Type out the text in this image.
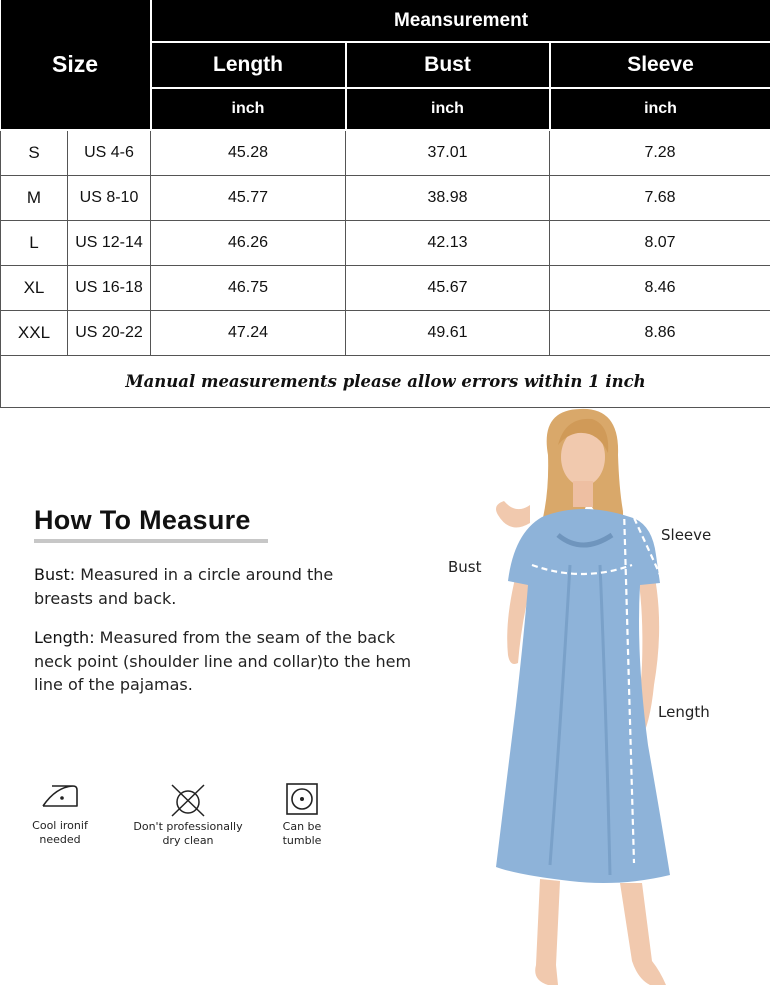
Size		Meansurement		
		Length	Bust	Sleeve
		inch	inch	inch
S	US 4-6	45.28	37.01	7.28
M	US 8-10	45.77	38.98	7.68
L	US 12-14	46.26	42.13	8.07
XL	US 16-18	46.75	45.67	8.46
XXL	US 20-22	47.24	49.61	8.86
Manual measurements please allow errors within 1 inch				
How To Measure
Bust: Measured in a circle around the breasts and back.
Length: Measured from the seam of the back neck point (shoulder line and collar)to the hem line of the pajamas.
Cool ironif
needed
Don't professionally
dry clean
Can be
tumble
Bust
Sleeve
Length
